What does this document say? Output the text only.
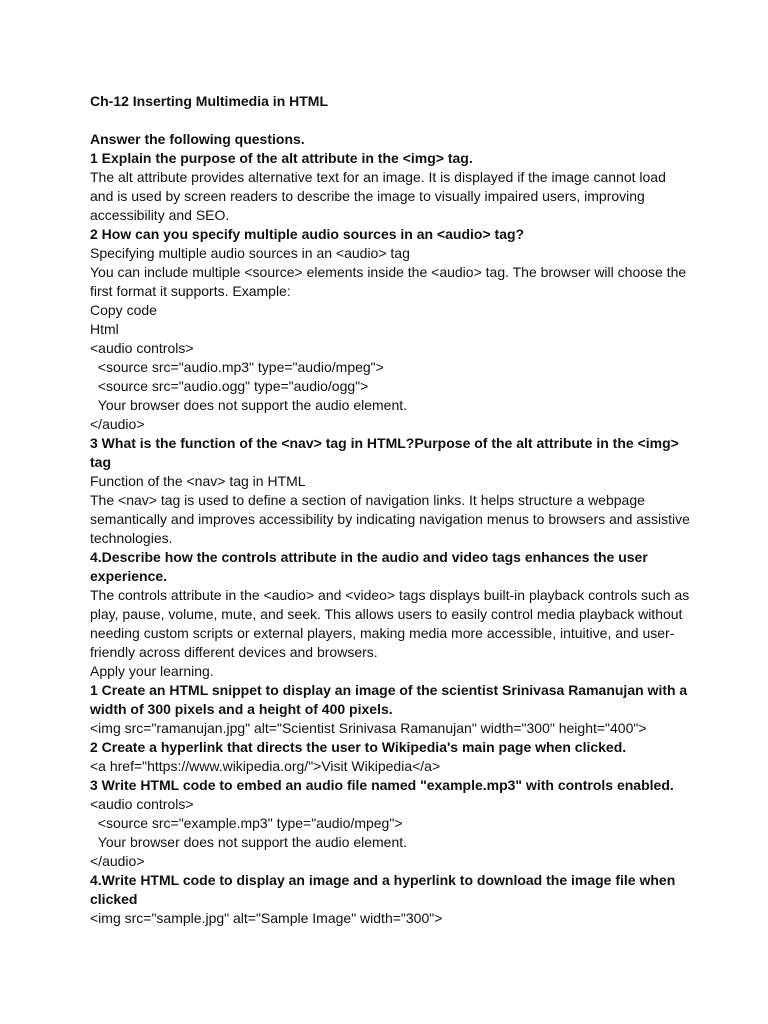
Ch-12 Inserting Multimedia in HTML

Answer the following questions.

1 Explain the purpose of the alt attribute in the <img> tag.

The alt attribute provides alternative text for an image. It is displayed if the image cannot load and is used by screen readers to describe the image to visually impaired users, improving accessibility and SEO.

2 How can you specify multiple audio sources in an <audio> tag?

Specifying multiple audio sources in an <audio> tag

You can include multiple <source> elements inside the <audio> tag. The browser will choose the first format it supports. Example:

Copy code

Html

<audio controls>

<source src="audio.mp3" type="audio/mpeg">

<source src="audio.ogg" type="audio/ogg">

Your browser does not support the audio element.

</audio>

3 What is the function of the <nav> tag in HTML?Purpose of the alt attribute in the <img> tag

Function of the <nav> tag in HTML

The <nav> tag is used to define a section of navigation links. It helps structure a webpage semantically and improves accessibility by indicating navigation menus to browsers and assistive technologies.

4.Describe how the controls attribute in the audio and video tags enhances the user experience.

The controls attribute in the <audio> and <video> tags displays built-in playback controls such as play, pause, volume, mute, and seek. This allows users to easily control media playback without needing custom scripts or external players, making media more accessible, intuitive, and user-friendly across different devices and browsers.

Apply your learning.

1 Create an HTML snippet to display an image of the scientist Srinivasa Ramanujan with a width of 300 pixels and a height of 400 pixels.

<img src="ramanujan.jpg" alt="Scientist Srinivasa Ramanujan" width="300" height="400">

2 Create a hyperlink that directs the user to Wikipedia's main page when clicked.

<a href="https://www.wikipedia.org/">Visit Wikipedia</a>

3 Write HTML code to embed an audio file named "example.mp3" with controls enabled.

<audio controls>

<source src="example.mp3" type="audio/mpeg">

Your browser does not support the audio element.

</audio>

4.Write HTML code to display an image and a hyperlink to download the image file when clicked

<img src="sample.jpg" alt="Sample Image" width="300">
